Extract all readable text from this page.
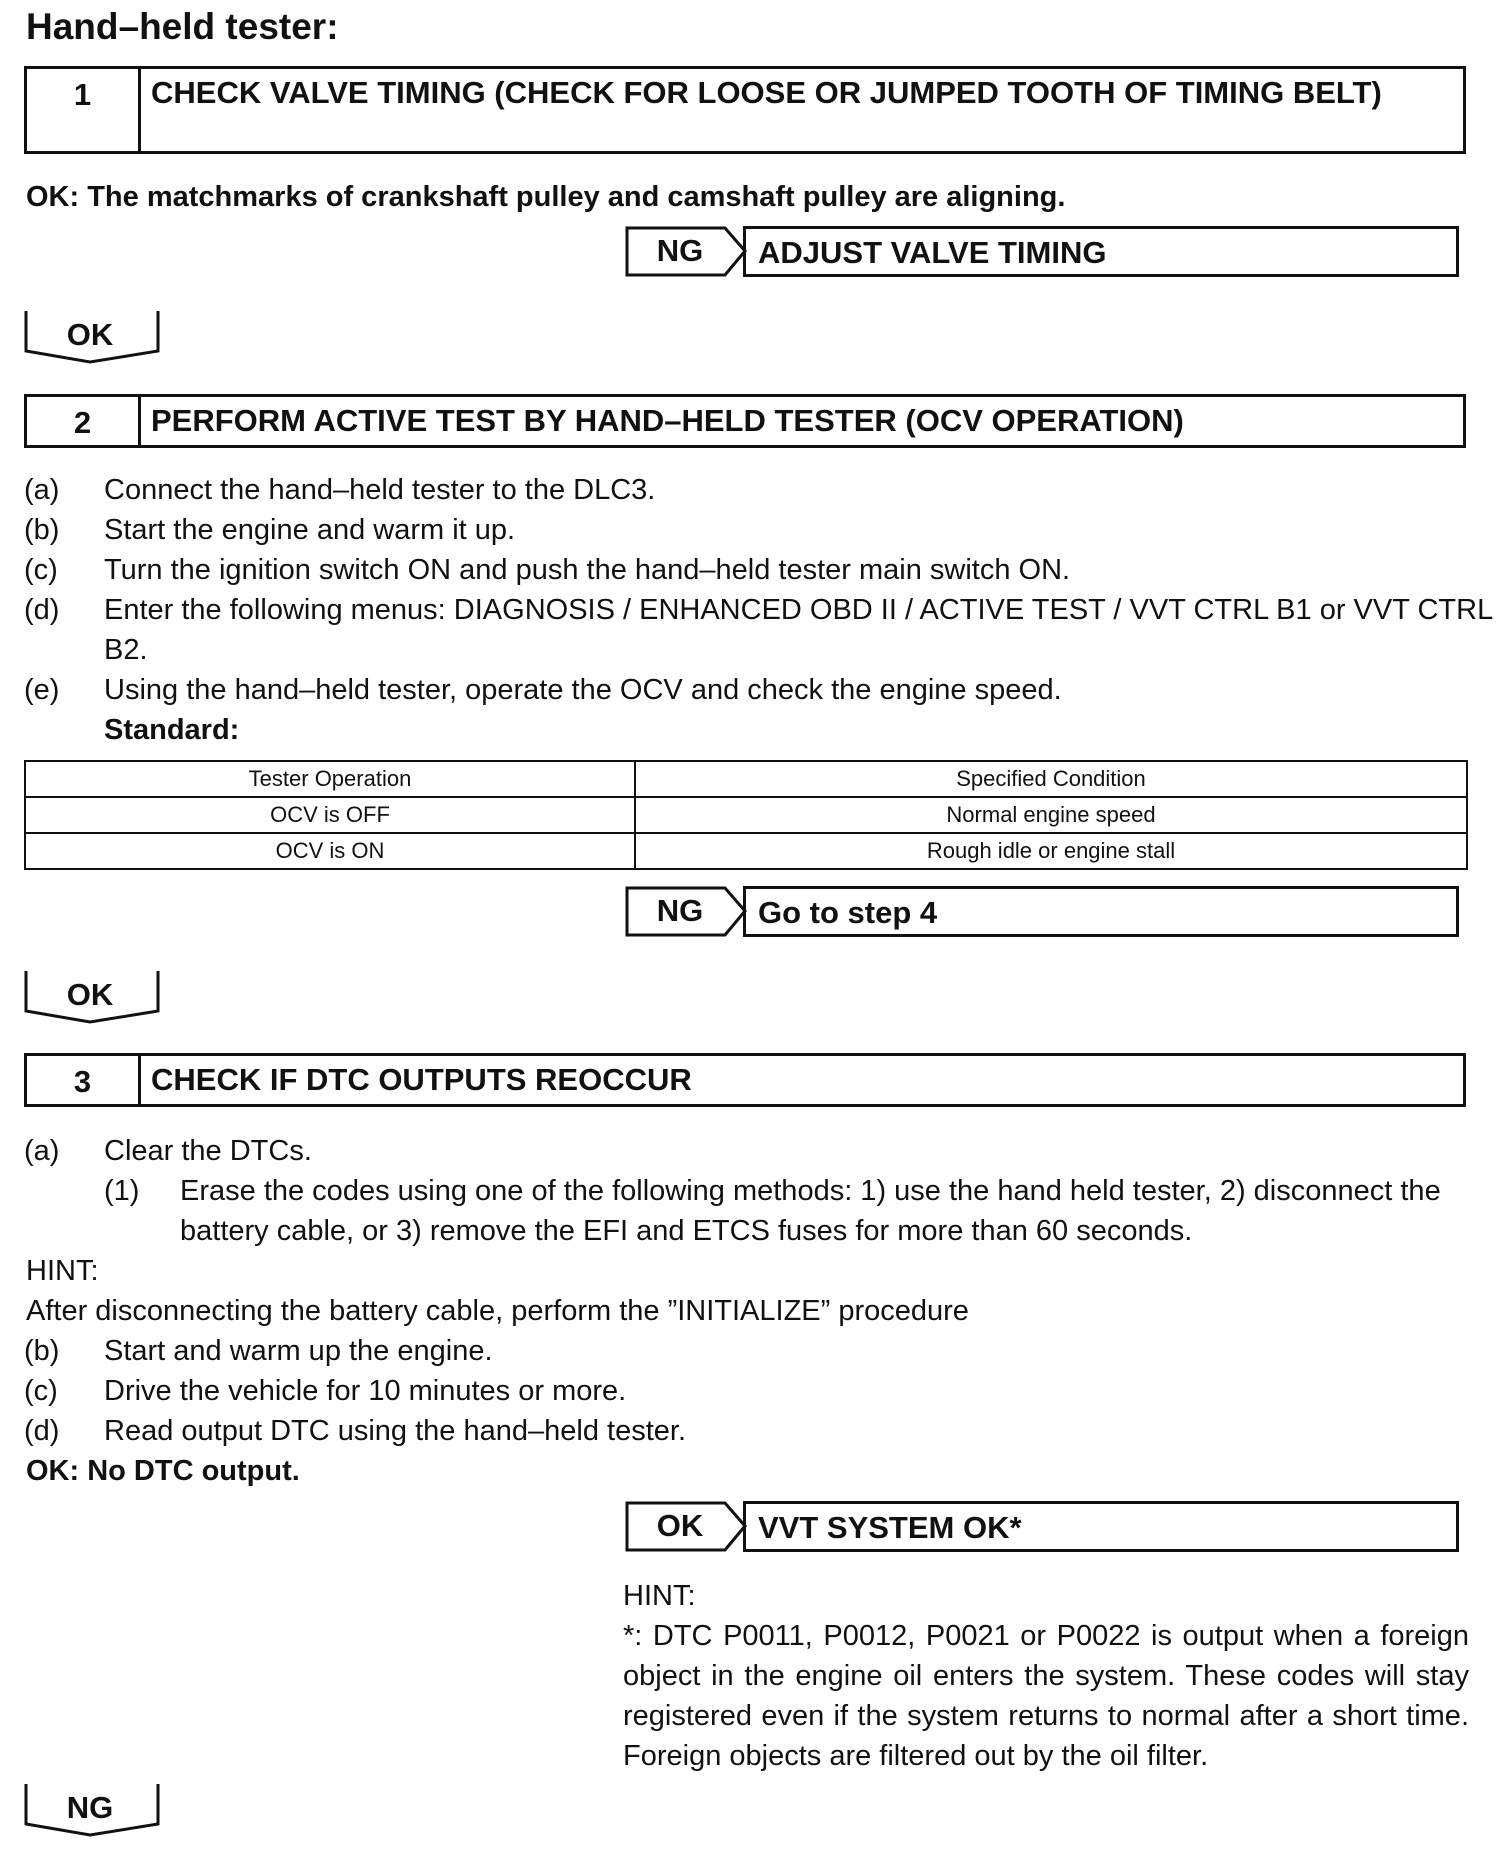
Hand–held tester:
1	CHECK VALVE TIMING (CHECK FOR LOOSE OR JUMPED TOOTH OF TIMING BELT)
OK: The matchmarks of crankshaft pulley and camshaft pulley are aligning.
NG	ADJUST VALVE TIMING
OK
2	PERFORM ACTIVE TEST BY HAND–HELD TESTER (OCV OPERATION)
(a)	Connect the hand–held tester to the DLC3.
(b)	Start the engine and warm it up.
(c)	Turn the ignition switch ON and push the hand–held tester main switch ON.
(d)	Enter the following menus: DIAGNOSIS / ENHANCED OBD II / ACTIVE TEST / VVT CTRL B1 or VVT CTRL B2.
(e)	Using the hand–held tester, operate the OCV and check the engine speed.
Standard:
Tester Operation	Specified Condition
OCV is OFF	Normal engine speed
OCV is ON	Rough idle or engine stall
NG	Go to step 4
OK
3	CHECK IF DTC OUTPUTS REOCCUR
(a)	Clear the DTCs.
(1)	Erase the codes using one of the following methods: 1) use the hand held tester, 2) disconnect the battery cable, or 3) remove the EFI and ETCS fuses for more than 60 seconds.
HINT:
After disconnecting the battery cable, perform the ”INITIALIZE” procedure
(b)	Start and warm up the engine.
(c)	Drive the vehicle for 10 minutes or more.
(d)	Read output DTC using the hand–held tester.
OK: No DTC output.
OK	VVT SYSTEM OK*
HINT:
*: DTC P0011, P0012, P0021 or P0022 is output when a foreign object in the engine oil enters the system. These codes will stay registered even if the system returns to normal after a short time. Foreign objects are filtered out by the oil filter.
NG
